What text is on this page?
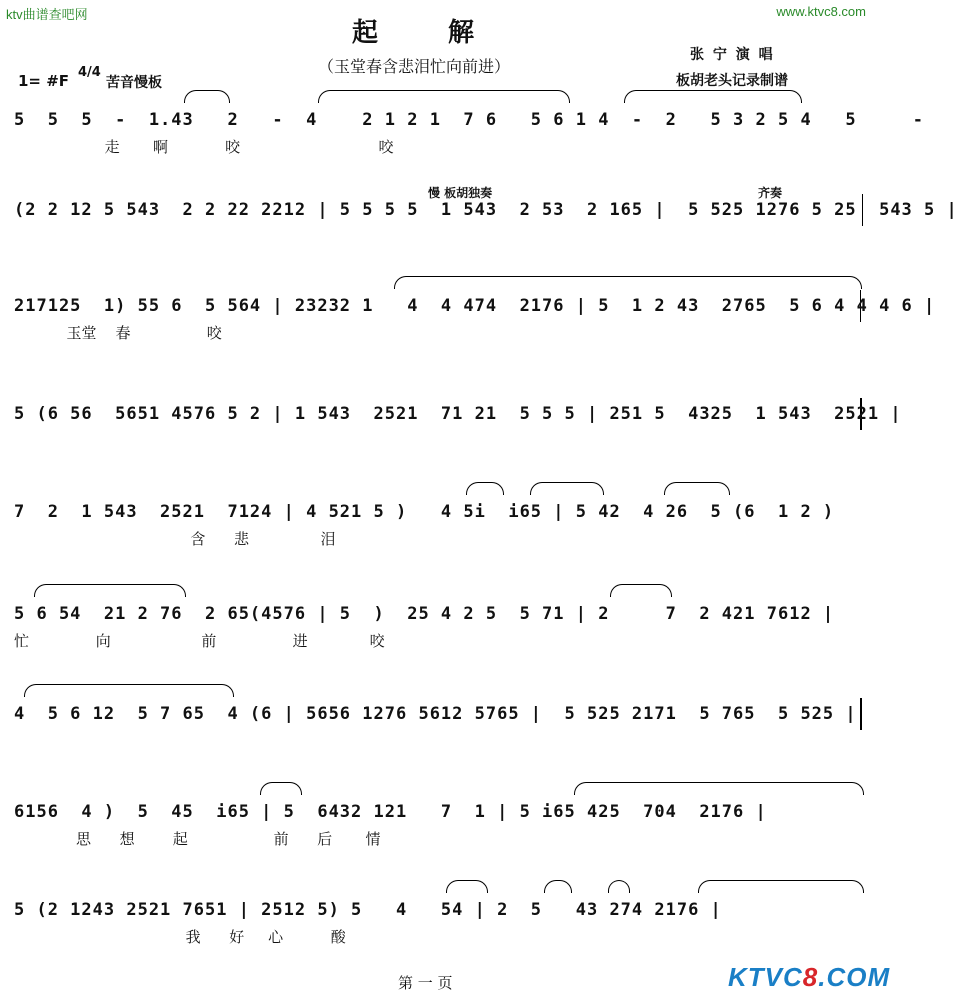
ktv曲谱查吧网	www.ktvc8.com
起解
（玉堂春含悲泪忙向前进）
张 宁 演 唱
板胡老头记录制谱
1= #F 4/4
苦音慢板
5  5  5  -  1.43   2   -  4    2 1 2 1  7 6   5 6 1 4  -  2   5 3 2 5 4   5     -
走       啊            咬                             咬
慢 板胡独奏	齐奏
(2 2 12 5 543  2 2 22 2212 | 5 5 5 5  1 543  2 53  2 165 |  5 525 1276 5 25  543 5 |
217125  1) 55 6  5 564 | 23232 1   4  4 474  2176 | 5  1 2 43  2765  5 6 4 4 4 6 |
玉堂    春                咬
5 (6 56  5651 4576 5 2 | 1 543  2521  71 21  5 5 5 | 251 5  4325  1 543  2521 |
7  2  1 543  2521  7124 | 4 521 5 )   4 5i  i65 | 5 42  4 26  5 (6  1 2 )
含      悲               泪
5 6 54  21 2 76  2 65(4576 | 5  )  25 4 2 5  5 71 | 2     7  2 421 7612 |
忙              向                   前                进             咬
4  5 6 12  5 7 65  4 (6 | 5656 1276 5612 5765 |  5 525 2171  5 765  5 525 |
6156  4 )  5  45  i65 | 5  6432 121   7  1 | 5 i65 425  704  2176 |
思      想        起                  前      后       情
5 (2 1243 2521 7651 | 2512 5) 5   4   54 | 2  5   43 274 2176 |
我      好     心          酸
第 一 页	KTVC8.COM
